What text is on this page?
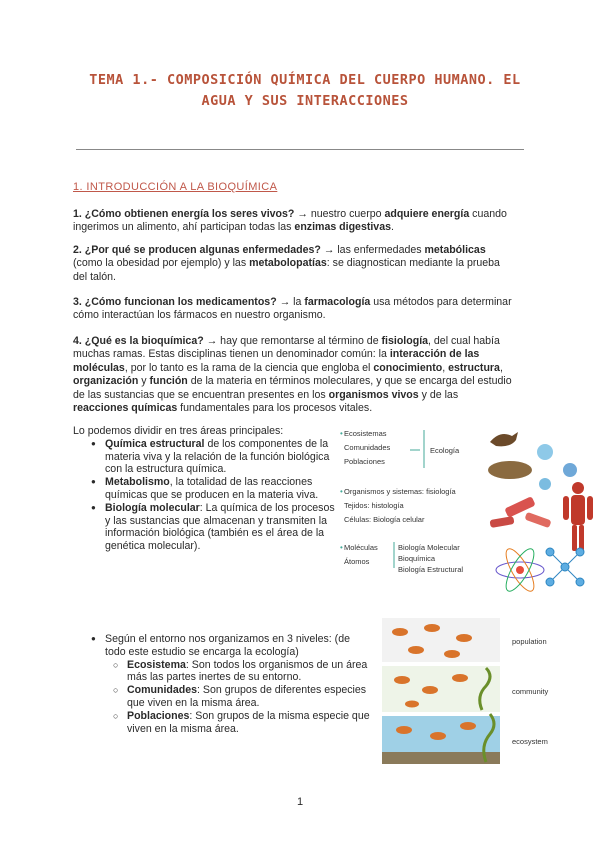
TEMA 1.- COMPOSICIÓN QUÍMICA DEL CUERPO HUMANO. EL AGUA Y SUS INTERACCIONES
1. INTRODUCCIÓN A LA BIOQUÍMICA
1. ¿Cómo obtienen energía los seres vivos? → nuestro cuerpo adquiere energía cuando ingerimos un alimento, ahí participan todas las enzimas digestivas.
2. ¿Por qué se producen algunas enfermedades? → las enfermedades metabólicas (como la obesidad por ejemplo) y las metabolopatías: se diagnostican mediante la prueba del talón.
3. ¿Cómo funcionan los medicamentos? → la farmacología usa métodos para determinar cómo interactúan los fármacos en nuestro organismo.
4. ¿Qué es la bioquímica? → hay que remontarse al término de fisiología, del cual había muchas ramas. Estas disciplinas tienen un denominador común: la interacción de las moléculas, por lo tanto es la rama de la ciencia que engloba el conocimiento, estructura, organización y función de la materia en términos moleculares, y que se encarga del estudio de las sustancias que se encuentran presentes en los organismos vivos y de las reacciones químicas fundamentales para los procesos vitales.
Lo podemos dividir en tres áreas principales:
● Química estructural de los componentes de la materia viva y la relación de la función biológica con la estructura química.
● Metabolismo, la totalidad de las reacciones químicas que se producen en la materia viva.
● Biología molecular: La química de los procesos y las sustancias que almacenan y transmiten la información biológica (también es el área de la genética molecular).
Ecosistemas
Comunidades
Poblaciones
Ecología
Organismos y sistemas: fisiología
Tejidos: histología
Células: Biología celular
Moléculas
Átomos
Biología Molecular
Bioquímica
Biología Estructural
•
•
•
● Según el entorno nos organizamos en 3 niveles: (de todo este estudio se encarga la ecología)
○ Ecosistema: Son todos los organismos de un área más las partes inertes de su entorno.
○ Comunidades: Son grupos de diferentes especies que viven en la misma área.
○ Poblaciones: Son grupos de la misma especie que viven en la misma área.
population
community
ecosystem
1
